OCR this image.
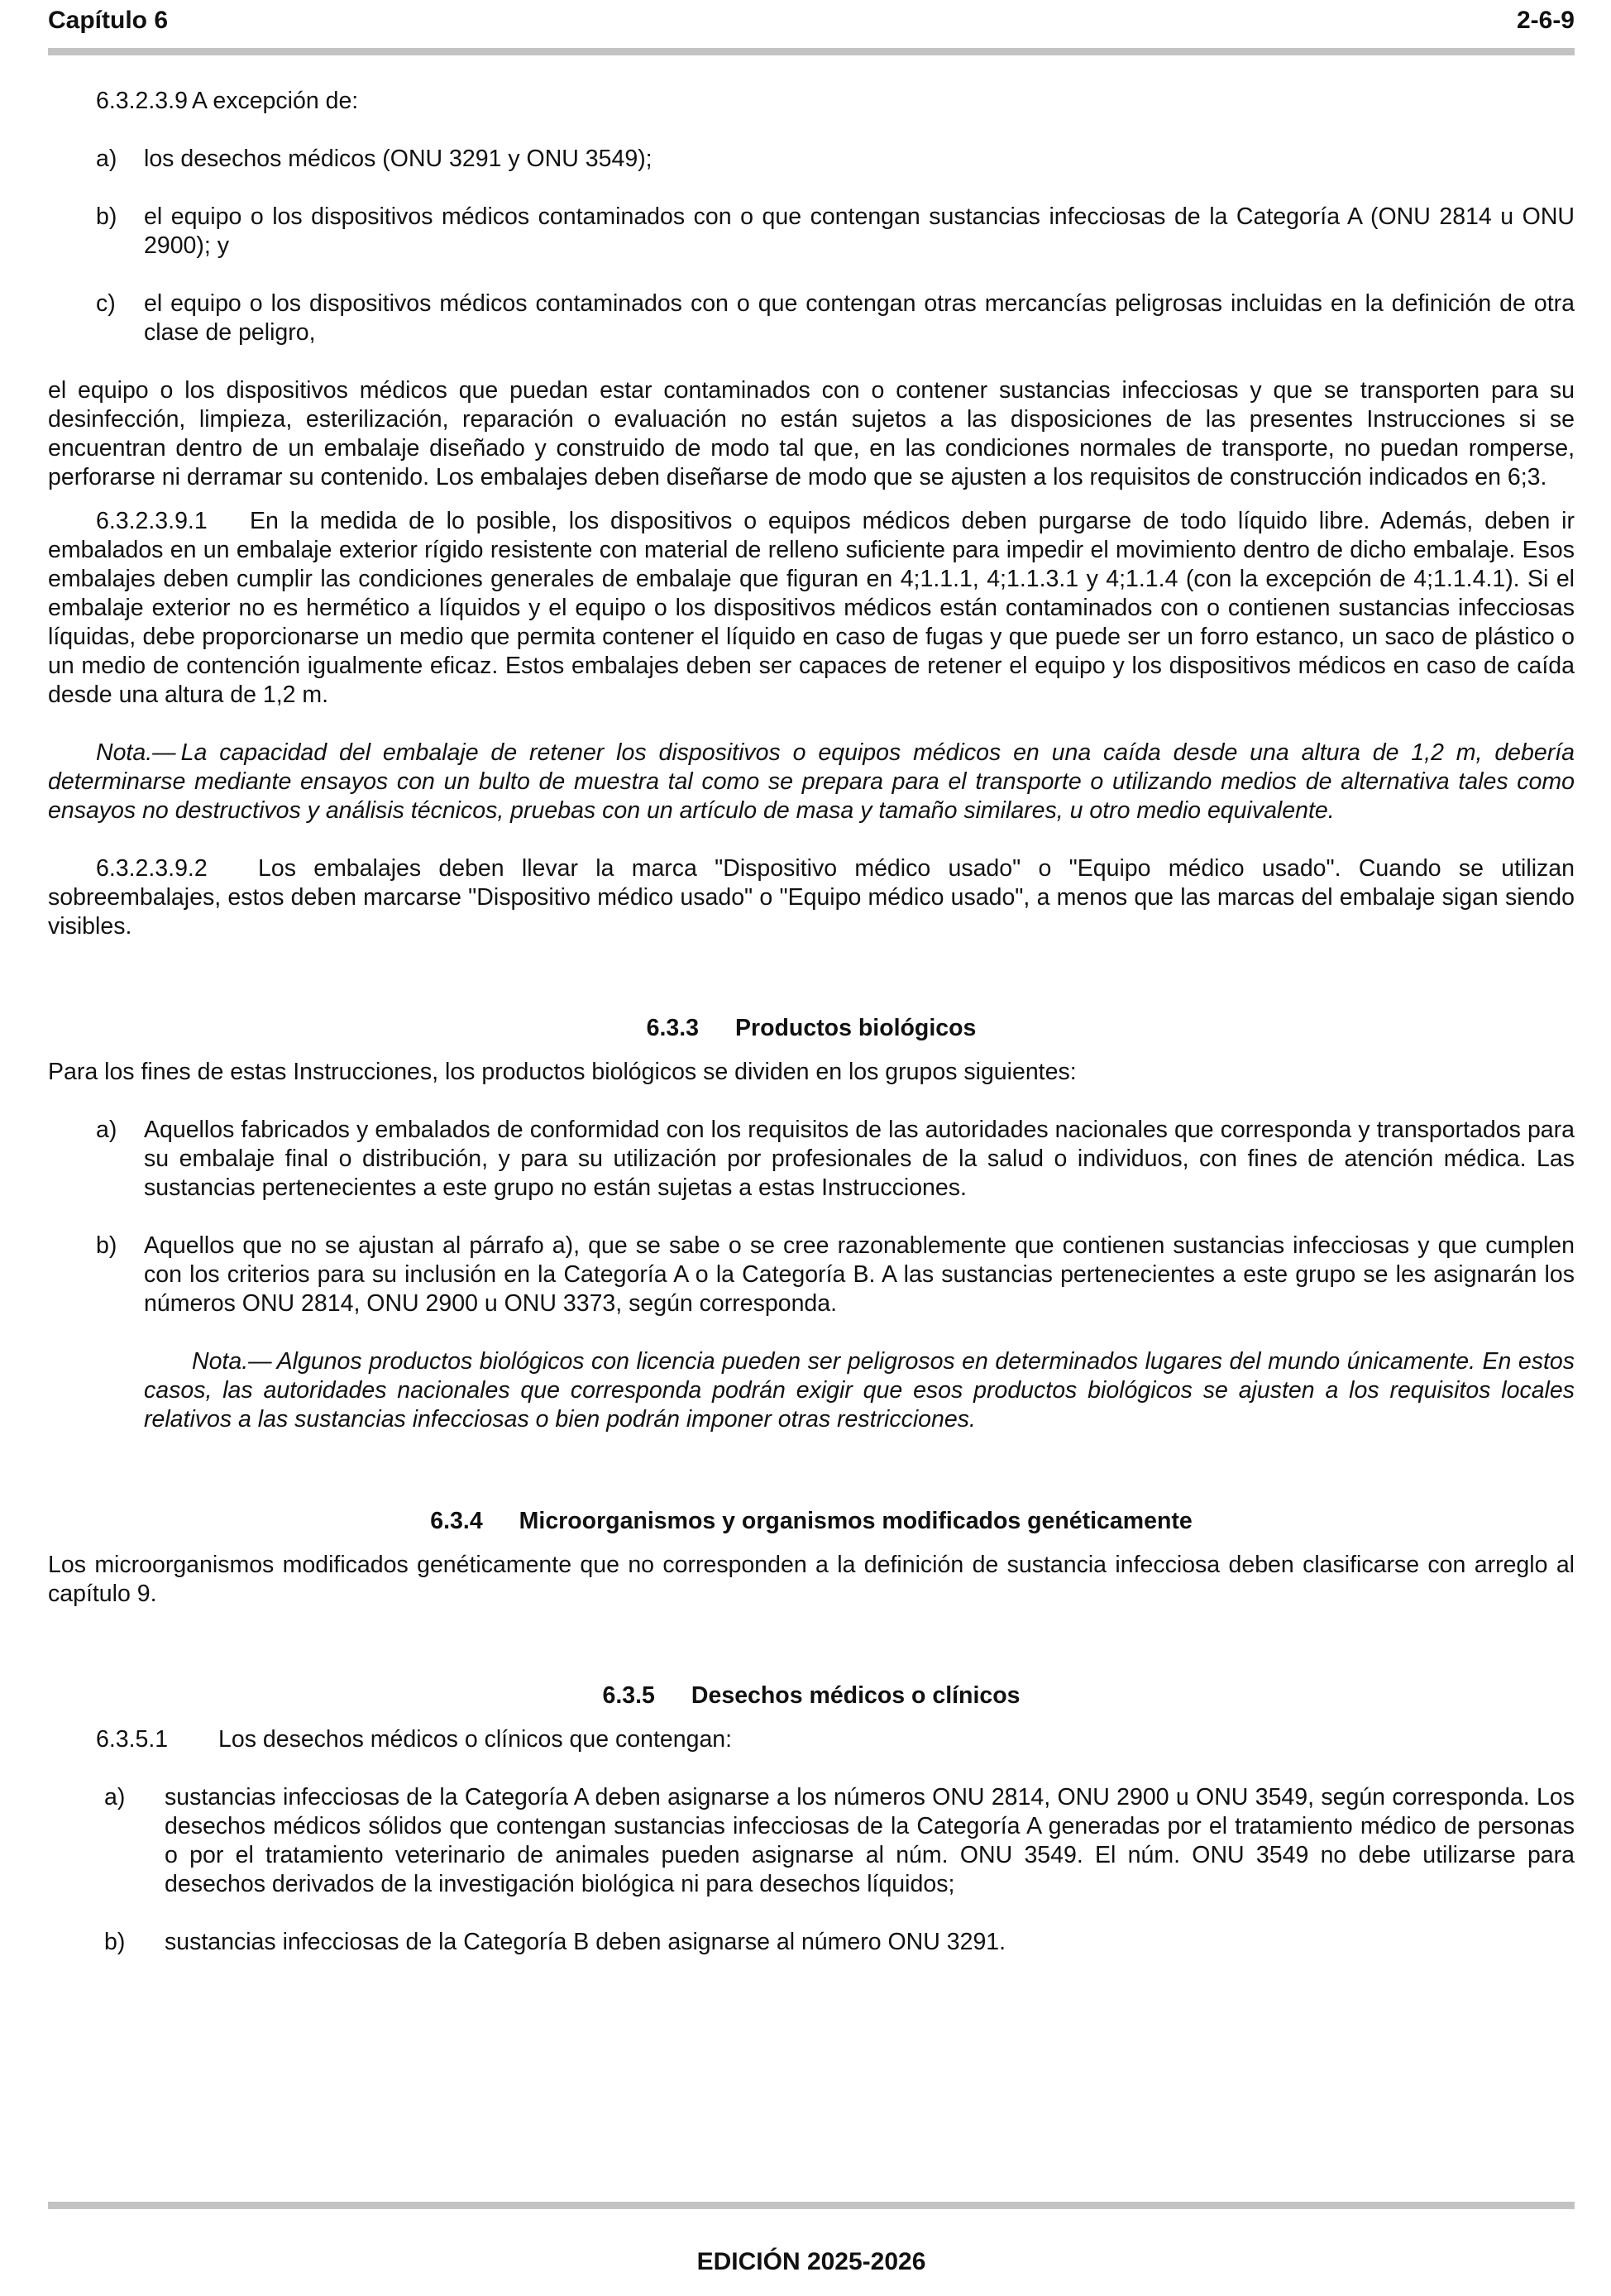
Capítulo 6	2-6-9

6.3.2.3.9 A excepción de:

a) los desechos médicos (ONU 3291 y ONU 3549);

b) el equipo o los dispositivos médicos contaminados con o que contengan sustancias infecciosas de la Categoría A (ONU 2814 u ONU 2900); y

c) el equipo o los dispositivos médicos contaminados con o que contengan otras mercancías peligrosas incluidas en la definición de otra clase de peligro,

el equipo o los dispositivos médicos que puedan estar contaminados con o contener sustancias infecciosas y que se transporten para su desinfección, limpieza, esterilización, reparación o evaluación no están sujetos a las disposiciones de las presentes Instrucciones si se encuentran dentro de un embalaje diseñado y construido de modo tal que, en las condiciones normales de transporte, no puedan romperse, perforarse ni derramar su contenido. Los embalajes deben diseñarse de modo que se ajusten a los requisitos de construcción indicados en 6;3.

6.3.2.3.9.1 En la medida de lo posible, los dispositivos o equipos médicos deben purgarse de todo líquido libre. Además, deben ir embalados en un embalaje exterior rígido resistente con material de relleno suficiente para impedir el movimiento dentro de dicho embalaje. Esos embalajes deben cumplir las condiciones generales de embalaje que figuran en 4;1.1.1, 4;1.1.3.1 y 4;1.1.4 (con la excepción de 4;1.1.4.1). Si el embalaje exterior no es hermético a líquidos y el equipo o los dispositivos médicos están contaminados con o contienen sustancias infecciosas líquidas, debe proporcionarse un medio que permita contener el líquido en caso de fugas y que puede ser un forro estanco, un saco de plástico o un medio de contención igualmente eficaz. Estos embalajes deben ser capaces de retener el equipo y los dispositivos médicos en caso de caída desde una altura de 1,2 m.

Nota.— La capacidad del embalaje de retener los dispositivos o equipos médicos en una caída desde una altura de 1,2 m, debería determinarse mediante ensayos con un bulto de muestra tal como se prepara para el transporte o utilizando medios de alternativa tales como ensayos no destructivos y análisis técnicos, pruebas con un artículo de masa y tamaño similares, u otro medio equivalente.

6.3.2.3.9.2 Los embalajes deben llevar la marca "Dispositivo médico usado" o "Equipo médico usado". Cuando se utilizan sobreembalajes, estos deben marcarse "Dispositivo médico usado" o "Equipo médico usado", a menos que las marcas del embalaje sigan siendo visibles.

6.3.3 Productos biológicos

Para los fines de estas Instrucciones, los productos biológicos se dividen en los grupos siguientes:

a) Aquellos fabricados y embalados de conformidad con los requisitos de las autoridades nacionales que corresponda y transportados para su embalaje final o distribución, y para su utilización por profesionales de la salud o individuos, con fines de atención médica. Las sustancias pertenecientes a este grupo no están sujetas a estas Instrucciones.

b) Aquellos que no se ajustan al párrafo a), que se sabe o se cree razonablemente que contienen sustancias infecciosas y que cumplen con los criterios para su inclusión en la Categoría A o la Categoría B. A las sustancias pertenecientes a este grupo se les asignarán los números ONU 2814, ONU 2900 u ONU 3373, según corresponda.

Nota.— Algunos productos biológicos con licencia pueden ser peligrosos en determinados lugares del mundo únicamente. En estos casos, las autoridades nacionales que corresponda podrán exigir que esos productos biológicos se ajusten a los requisitos locales relativos a las sustancias infecciosas o bien podrán imponer otras restricciones.

6.3.4 Microorganismos y organismos modificados genéticamente

Los microorganismos modificados genéticamente que no corresponden a la definición de sustancia infecciosa deben clasificarse con arreglo al capítulo 9.

6.3.5 Desechos médicos o clínicos

6.3.5.1 Los desechos médicos o clínicos que contengan:

a) sustancias infecciosas de la Categoría A deben asignarse a los números ONU 2814, ONU 2900 u ONU 3549, según corresponda. Los desechos médicos sólidos que contengan sustancias infecciosas de la Categoría A generadas por el tratamiento médico de personas o por el tratamiento veterinario de animales pueden asignarse al núm. ONU 3549. El núm. ONU 3549 no debe utilizarse para desechos derivados de la investigación biológica ni para desechos líquidos;

b) sustancias infecciosas de la Categoría B deben asignarse al número ONU 3291.

EDICIÓN 2025-2026
